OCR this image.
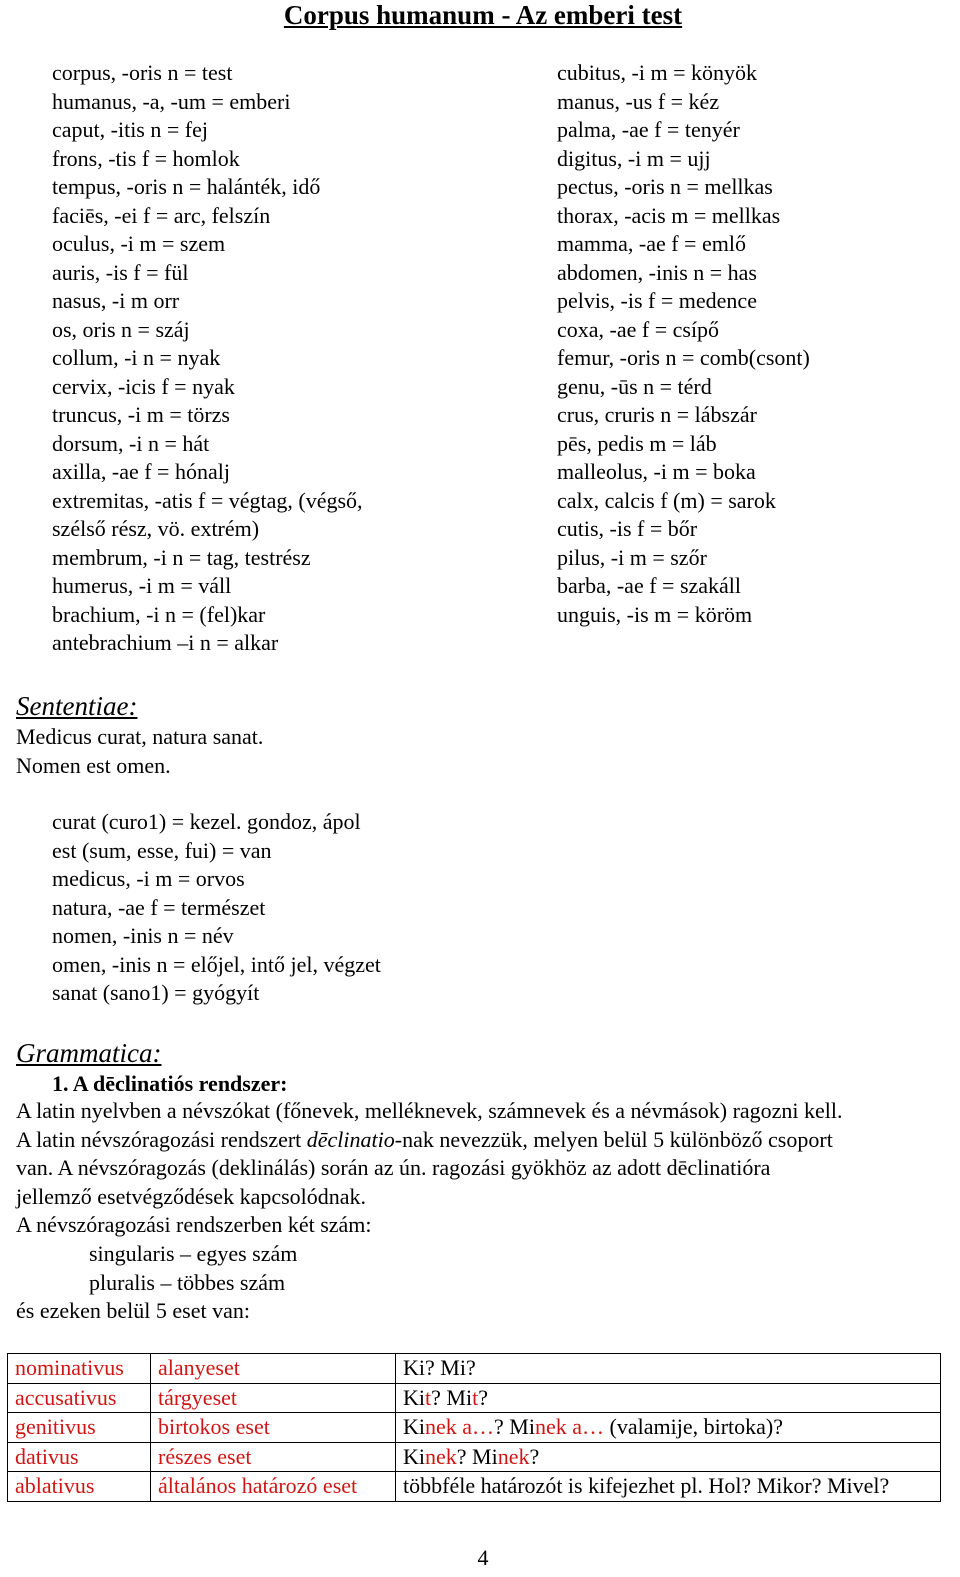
Corpus humanum - Az emberi test
corpus, -oris n = test
humanus, -a, -um = emberi
caput, -itis n = fej
frons, -tis f = homlok
tempus, -oris n = halánték, idő
faciēs, -ei f = arc, felszín
oculus, -i m = szem
auris, -is f = fül
nasus, -i m orr
os, oris n = száj
collum, -i n = nyak
cervix, -icis f = nyak
truncus, -i m = törzs
dorsum, -i n = hát
axilla, -ae f = hónalj
extremitas, -atis f = végtag, (végső,
szélső rész, vö. extrém)
membrum, -i n = tag, testrész
humerus, -i m = váll
brachium, -i n = (fel)kar
antebrachium –i n = alkar
cubitus, -i m = könyök
manus, -us f = kéz
palma, -ae f = tenyér
digitus, -i m = ujj
pectus, -oris n = mellkas
thorax, -acis m = mellkas
mamma, -ae f = emlő
abdomen, -inis n = has
pelvis, -is f = medence
coxa, -ae f = csípő
femur, -oris n = comb(csont)
genu, -ūs n = térd
crus, cruris n = lábszár
pēs, pedis m = láb
malleolus, -i m = boka
calx, calcis f (m) = sarok
cutis, -is f = bőr
pilus, -i m = szőr
barba, -ae f = szakáll
unguis, -is m = köröm
Sententiae:
Medicus curat, natura sanat.
Nomen est omen.
curat (curo1) = kezel. gondoz, ápol
est (sum, esse, fui) = van
medicus, -i m = orvos
natura, -ae f = természet
nomen, -inis n = név
omen, -inis n = előjel, intő jel, végzet
sanat (sano1) = gyógyít
Grammatica:
1. A dēclinatiós rendszer:
A latin nyelvben a névszókat (főnevek, melléknevek, számnevek és a névmások) ragozni kell.
A latin névszóragozási rendszert dēclinatio-nak nevezzük, melyen belül 5 különböző csoport
van. A névszóragozás (deklinálás) során az ún. ragozási gyökhöz az adott dēclinatióra
jellemző esetvégződések kapcsolódnak.
A névszóragozási rendszerben két szám:
singularis – egyes szám
pluralis – többes szám
és ezeken belül 5 eset van:
nominativus	alanyeset	Ki? Mi?
accusativus	tárgyeset	Kit? Mit?
genitivus	birtokos eset	Kinek a…? Minek a… (valamije, birtoka)?
dativus	részes eset	Kinek? Minek?
ablativus	általános határozó eset	többféle határozót is kifejezhet pl. Hol? Mikor? Mivel?
4
